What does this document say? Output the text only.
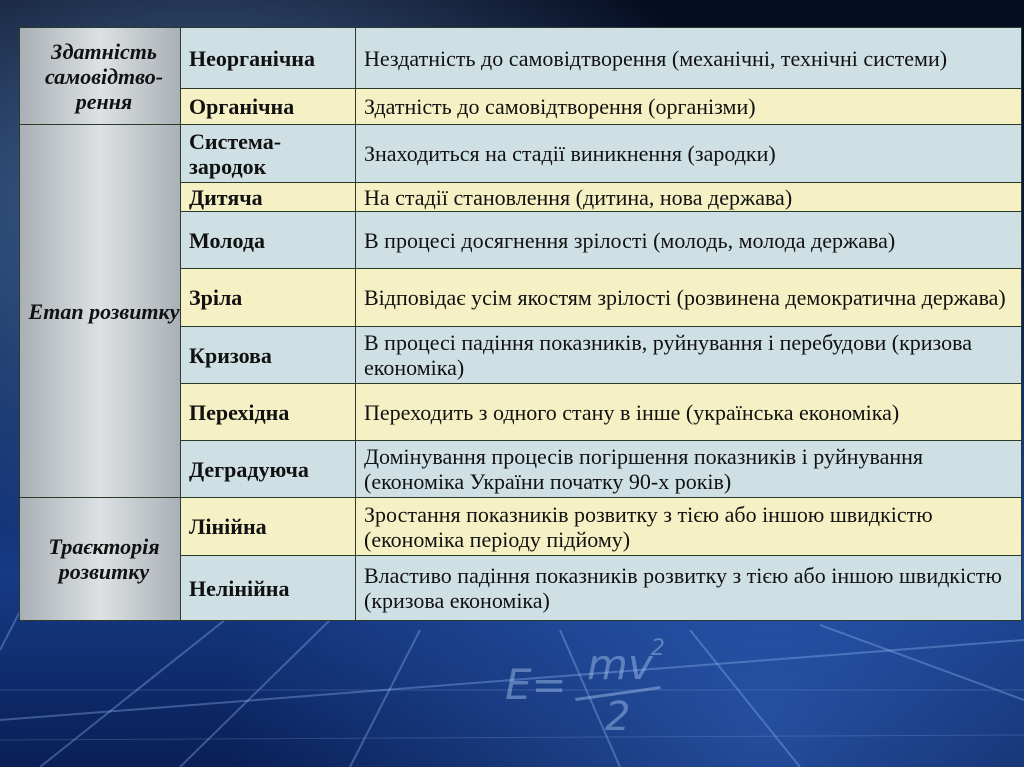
E= mv
2
2
Здатність самовідтво-рення	Неорганічна	Нездатність до самовідтворення (механічні, технічні системи)
	Органічна	Здатність до самовідтворення (організми)
Етап розвитку	Система-зародок	Знаходиться на стадії виникнення (зародки)
	Дитяча	На стадії становлення (дитина, нова держава)
	Молода	В процесі досягнення зрілості (молодь, молода держава)
	Зріла	Відповідає усім якостям зрілості (розвинена демократична держава)
	Кризова	В процесі падіння показників, руйнування і перебудови (кризова економіка)
	Перехідна	Переходить з одного стану в інше (українська економіка)
	Деградуюча	Домінування процесів погіршення показників і руйнування (економіка України початку 90-х років)
Траєкторія розвитку	Лінійна	Зростання показників розвитку з тією або іншою швидкістю (економіка періоду підйому)
	Нелінійна	Властиво падіння показників розвитку з тією або іншою швидкістю (кризова економіка)
